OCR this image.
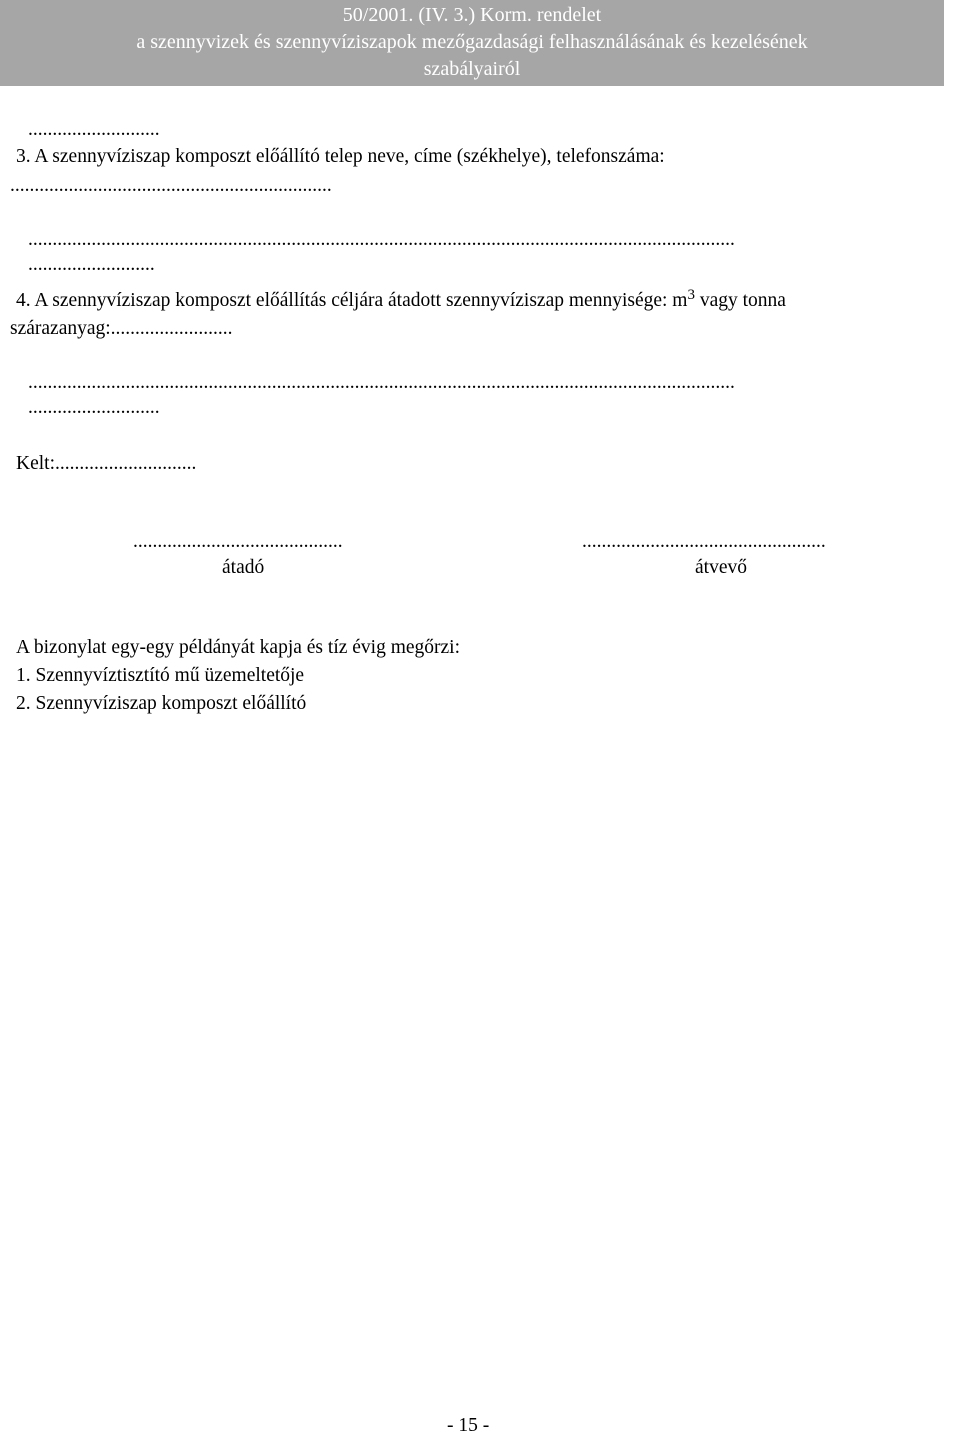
50/2001. (IV. 3.) Korm. rendelet
a szennyvizek és szennyvíziszapok mezőgazdasági felhasználásának és kezelésének
szabályairól
...........................
3. A szennyvíziszap komposzt előállító telep neve, címe (székhelye), telefonszáma:
..................................................................
.................................................................................................................................................
..........................
4. A szennyvíziszap komposzt előállítás céljára átadott szennyvíziszap mennyisége: $m^3$ vagy tonna
szárazanyag:.........................
.................................................................................................................................................
...........................
Kelt:.............................
...........................................
átadó
..................................................
átvevő
A bizonylat egy-egy példányát kapja és tíz évig megőrzi:
1. Szennyvíztisztító mű üzemeltetője
2. Szennyvíziszap komposzt előállító
- 15 -
